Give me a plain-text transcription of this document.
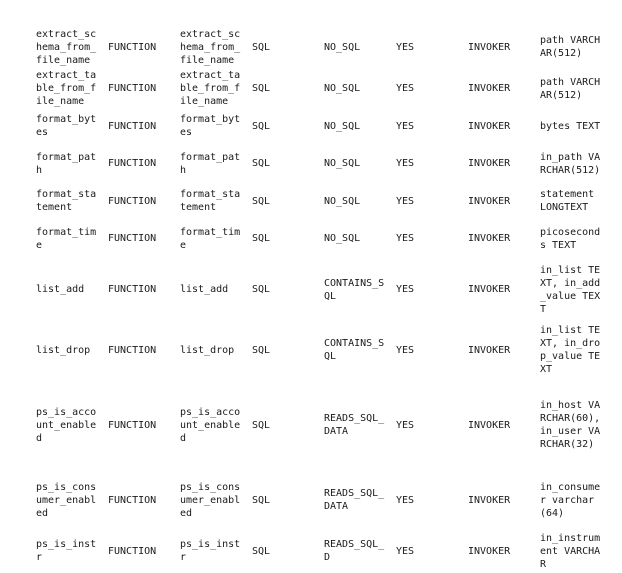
extract_schema_from_file_name	FUNCTION	extract_schema_from_file_name	SQL	NO_SQL	YES	INVOKER	path VARCHAR(512)
extract_table_from_file_name	FUNCTION	extract_table_from_file_name	SQL	NO_SQL	YES	INVOKER	path VARCHAR(512)
format_bytes	FUNCTION	format_bytes	SQL	NO_SQL	YES	INVOKER	bytes TEXT
format_path	FUNCTION	format_path	SQL	NO_SQL	YES	INVOKER	in_path VARCHAR(512)
format_statement	FUNCTION	format_statement	SQL	NO_SQL	YES	INVOKER	statement LONGTEXT
format_time	FUNCTION	format_time	SQL	NO_SQL	YES	INVOKER	picoseconds TEXT
list_add	FUNCTION	list_add	SQL	CONTAINS_SQL	YES	INVOKER	in_list TEXT, in_add_value TEXT
list_drop	FUNCTION	list_drop	SQL	CONTAINS_SQL	YES	INVOKER	in_list TEXT, in_drop_value TEXT
ps_is_account_enabled	FUNCTION	ps_is_account_enabled	SQL	READS_SQL_DATA	YES	INVOKER	in_host VARCHAR(60), in_user VARCHAR(32)
ps_is_consumer_enabled	FUNCTION	ps_is_consumer_enabled	SQL	READS_SQL_DATA	YES	INVOKER	in_consumer varchar(64)
ps_is_instr	FUNCTION	ps_is_instr	SQL	READS_SQL_D	YES	INVOKER	in_instrument VARCHAR
